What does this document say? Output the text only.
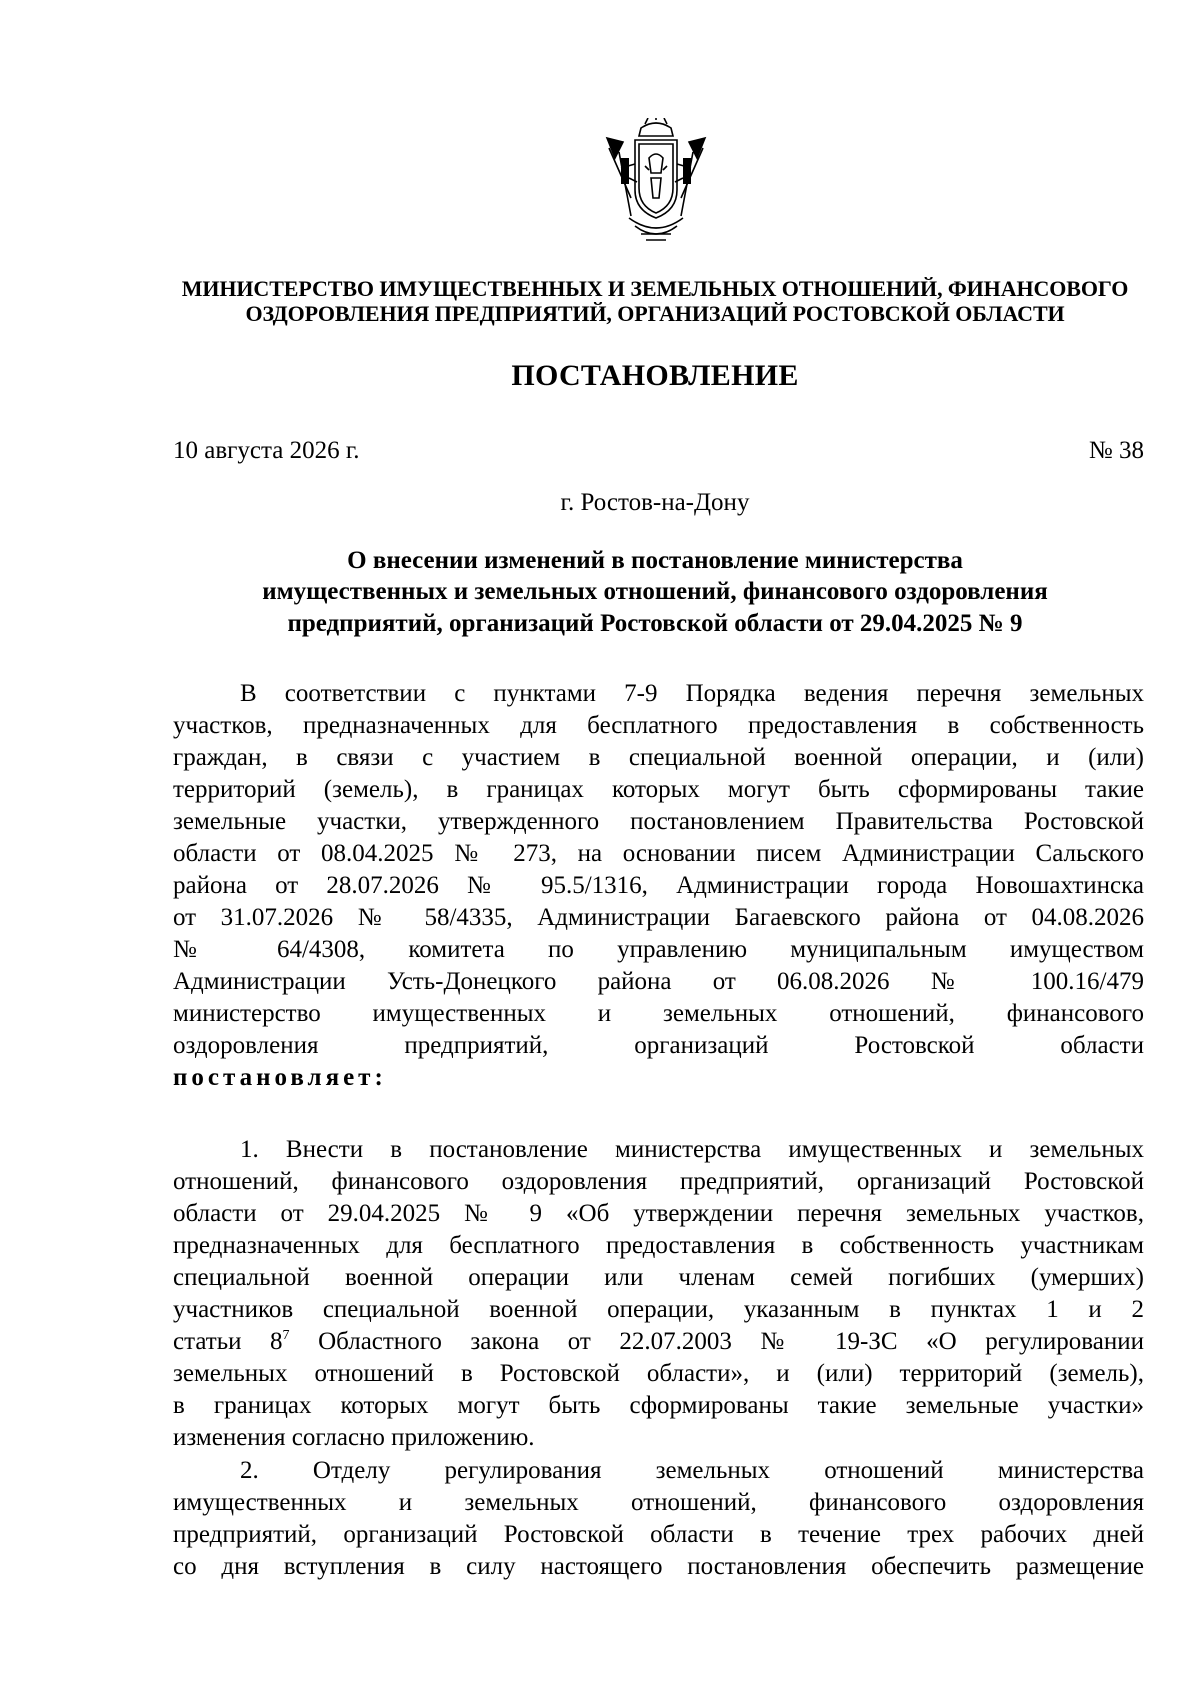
МИНИСТЕРСТВО ИМУЩЕСТВЕННЫХ И ЗЕМЕЛЬНЫХ ОТНОШЕНИЙ, ФИНАНСОВОГО
ОЗДОРОВЛЕНИЯ ПРЕДПРИЯТИЙ, ОРГАНИЗАЦИЙ РОСТОВСКОЙ ОБЛАСТИ
ПОСТАНОВЛЕНИЕ
10 августа 2026 г.	№ 38
г. Ростов-на-Дону
О внесении изменений в постановление министерства
имущественных и земельных отношений, финансового оздоровления
предприятий, организаций Ростовской области от 29.04.2025 № 9
В соответствии с пунктами 7-9 Порядка ведения перечня земельных
участков, предназначенных для бесплатного предоставления в собственность
граждан, в связи с участием в специальной военной операции, и (или)
территорий (земель), в границах которых могут быть сформированы такие
земельные участки, утвержденного постановлением Правительства Ростовской
области от 08.04.2025 № 273, на основании писем Администрации Сальского
района от 28.07.2026 № 95.5/1316, Администрации города Новошахтинска
от 31.07.2026 № 58/4335, Администрации Багаевского района от 04.08.2026
№ 64/4308, комитета по управлению муниципальным имуществом
Администрации Усть-Донецкого района от 06.08.2026 № 100.16/479
министерство имущественных и земельных отношений, финансового
оздоровления предприятий, организаций Ростовской области
постановляет:
1. Внести в постановление министерства имущественных и земельных
отношений, финансового оздоровления предприятий, организаций Ростовской
области от 29.04.2025 № 9 «Об утверждении перечня земельных участков,
предназначенных для бесплатного предоставления в собственность участникам
специальной военной операции или членам семей погибших (умерших)
участников специальной военной операции, указанным в пунктах 1 и 2
статьи $8^7$ Областного закона от 22.07.2003 № 19-ЗС «О регулировании
земельных отношений в Ростовской области», и (или) территорий (земель),
в границах которых могут быть сформированы такие земельные участки»
изменения согласно приложению.
2. Отделу регулирования земельных отношений министерства
имущественных и земельных отношений, финансового оздоровления
предприятий, организаций Ростовской области в течение трех рабочих дней
со дня вступления в силу настоящего постановления обеспечить размещение
